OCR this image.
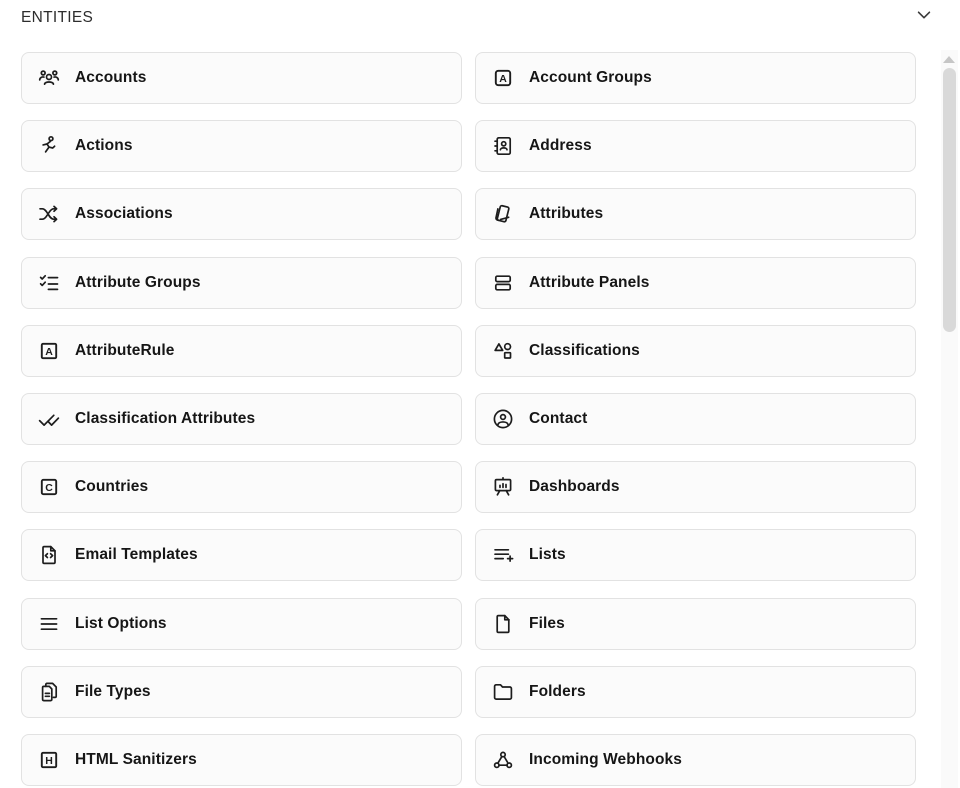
ENTITIES
Accounts	A Account Groups
Actions	Address
Associations	Attributes
Attribute Groups	Attribute Panels
A AttributeRule	Classifications
Classification Attributes	Contact
C Countries	Dashboards
Email Templates	Lists
List Options	Files
File Types	Folders
H HTML Sanitizers	Incoming Webhooks
